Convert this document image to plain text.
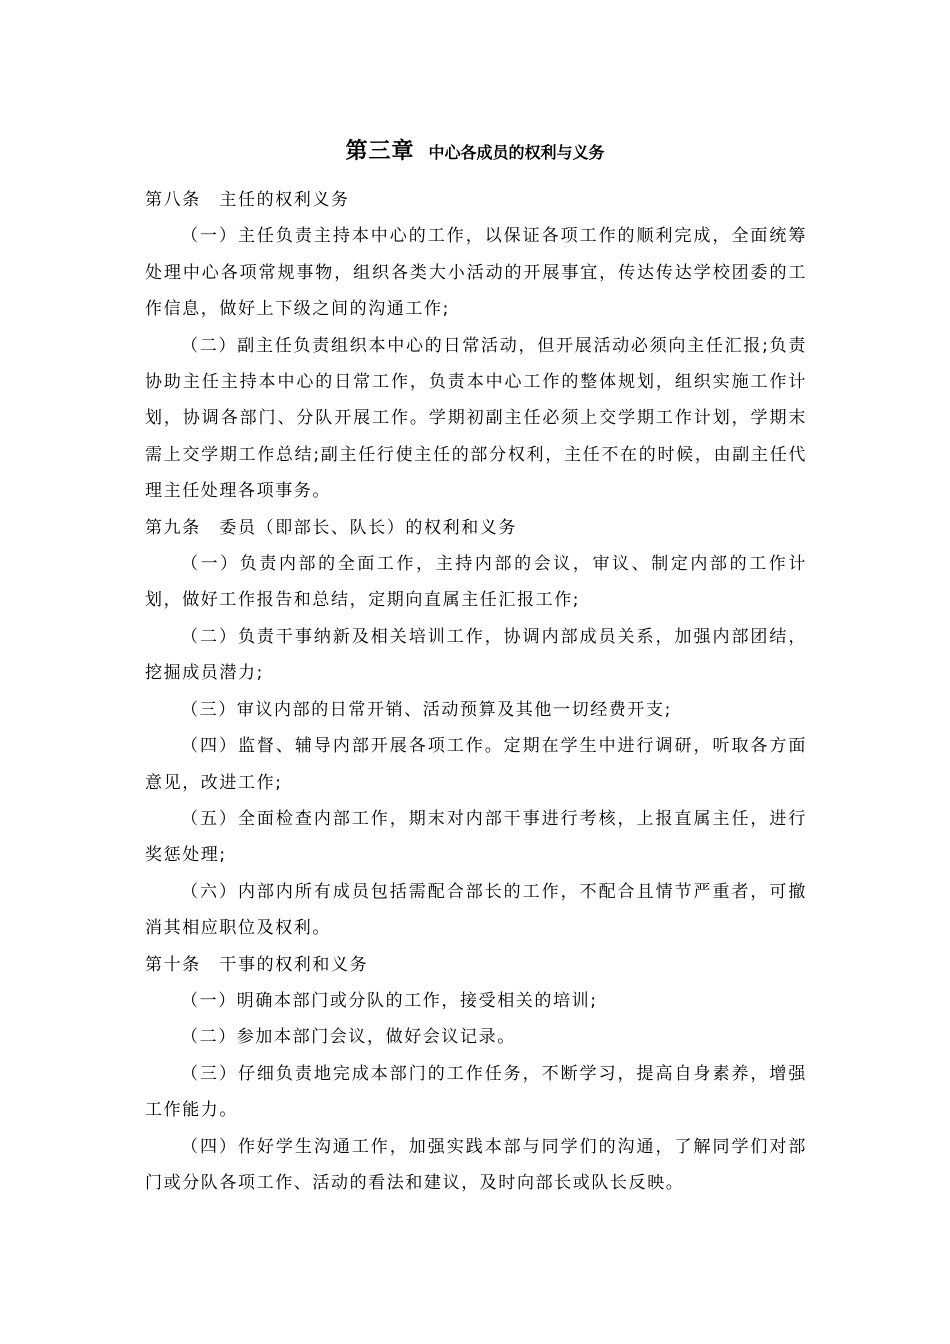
第三章 中心各成员的权利与义务

第八条　主任的权利义务

（一）主任负责主持本中心的工作，以保证各项工作的顺利完成，全面统筹处理中心各项常规事物，组织各类大小活动的开展事宜，传达传达学校团委的工作信息，做好上下级之间的沟通工作;

（二）副主任负责组织本中心的日常活动，但开展活动必须向主任汇报;负责协助主任主持本中心的日常工作，负责本中心工作的整体规划，组织实施工作计划，协调各部门、分队开展工作。学期初副主任必须上交学期工作计划，学期末需上交学期工作总结;副主任行使主任的部分权利，主任不在的时候，由副主任代理主任处理各项事务。

第九条　委员（即部长、队长）的权利和义务

（一）负责内部的全面工作，主持内部的会议，审议、制定内部的工作计划，做好工作报告和总结，定期向直属主任汇报工作;

（二）负责干事纳新及相关培训工作，协调内部成员关系，加强内部团结，挖掘成员潜力;

（三）审议内部的日常开销、活动预算及其他一切经费开支;

（四）监督、辅导内部开展各项工作。定期在学生中进行调研，听取各方面意见，改进工作;

（五）全面检查内部工作，期末对内部干事进行考核，上报直属主任，进行奖惩处理;

（六）内部内所有成员包括需配合部长的工作，不配合且情节严重者，可撤消其相应职位及权利。

第十条　干事的权利和义务

（一）明确本部门或分队的工作，接受相关的培训;

（二）参加本部门会议，做好会议记录。

（三）仔细负责地完成本部门的工作任务，不断学习，提高自身素养，增强工作能力。

（四）作好学生沟通工作，加强实践本部与同学们的沟通，了解同学们对部门或分队各项工作、活动的看法和建议，及时向部长或队长反映。
